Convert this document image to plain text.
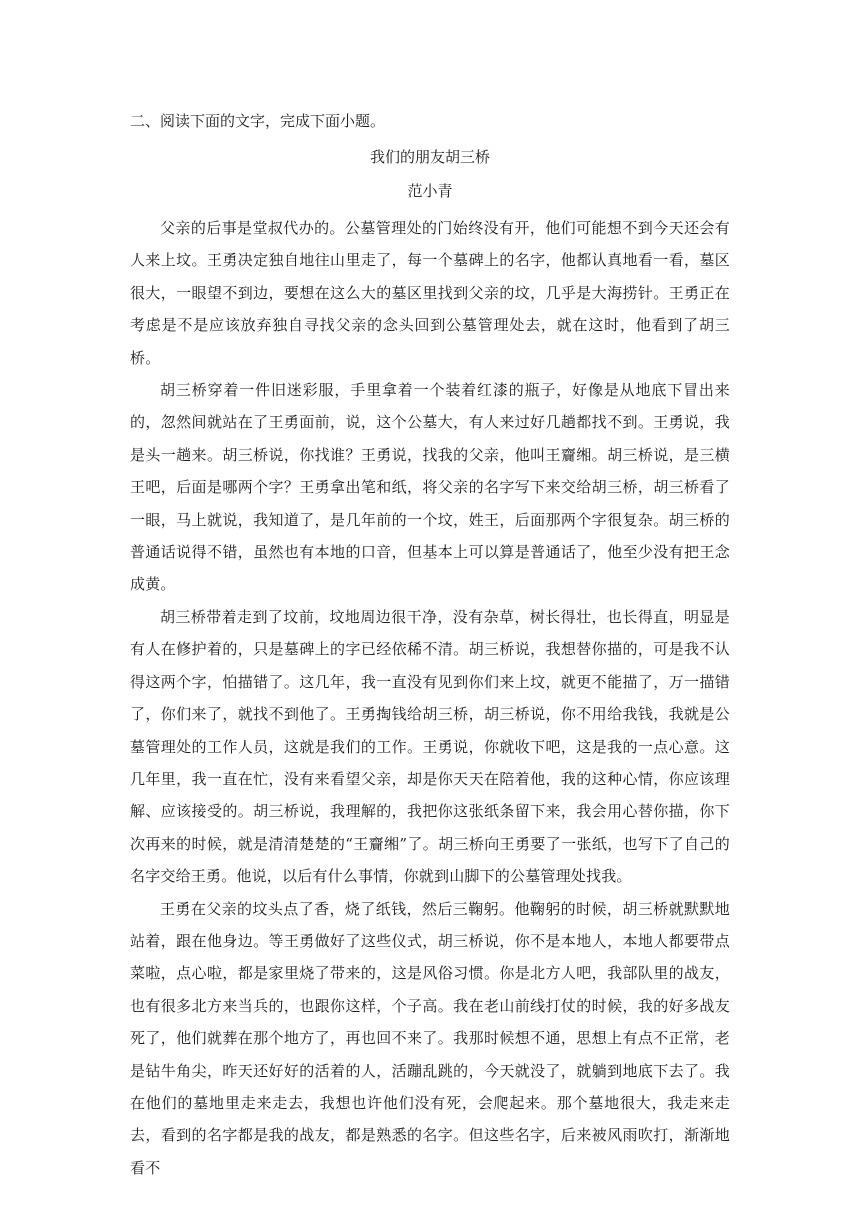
二、阅读下面的文字，完成下面小题。

我们的朋友胡三桥

范小青

父亲的后事是堂叔代办的。公墓管理处的门始终没有开，他们可能想不到今天还会有人来上坟。王勇决定独自地往山里走了，每一个墓碑上的名字，他都认真地看一看，墓区很大，一眼望不到边，要想在这么大的墓区里找到父亲的坟，几乎是大海捞针。王勇正在考虑是不是应该放弃独自寻找父亲的念头回到公墓管理处去，就在这时，他看到了胡三桥。

胡三桥穿着一件旧迷彩服，手里拿着一个装着红漆的瓶子，好像是从地底下冒出来的，忽然间就站在了王勇面前，说，这个公墓大，有人来过好几趟都找不到。王勇说，我是头一趟来。胡三桥说，你找谁？王勇说，找我的父亲，他叫王齎缃。胡三桥说，是三横王吧，后面是哪两个字？王勇拿出笔和纸，将父亲的名字写下来交给胡三桥，胡三桥看了一眼，马上就说，我知道了，是几年前的一个坟，姓王，后面那两个字很复杂。胡三桥的普通话说得不错，虽然也有本地的口音，但基本上可以算是普通话了，他至少没有把王念成黄。

胡三桥带着走到了坟前，坟地周边很干净，没有杂草，树长得壮，也长得直，明显是有人在修护着的，只是墓碑上的字已经依稀不清。胡三桥说，我想替你描的，可是我不认得这两个字，怕描错了。这几年，我一直没有见到你们来上坟，就更不能描了，万一描错了，你们来了，就找不到他了。王勇掏钱给胡三桥，胡三桥说，你不用给我钱，我就是公墓管理处的工作人员，这就是我们的工作。王勇说，你就收下吧，这是我的一点心意。这几年里，我一直在忙，没有来看望父亲，却是你天天在陪着他，我的这种心情，你应该理解、应该接受的。胡三桥说，我理解的，我把你这张纸条留下来，我会用心替你描，你下次再来的时候，就是清清楚楚的“王齎缃”了。胡三桥向王勇要了一张纸，也写下了自己的名字交给王勇。他说，以后有什么事情，你就到山脚下的公墓管理处找我。

王勇在父亲的坟头点了香，烧了纸钱，然后三鞠躬。他鞠躬的时候，胡三桥就默默地站着，跟在他身边。等王勇做好了这些仪式，胡三桥说，你不是本地人，本地人都要带点菜啦，点心啦，都是家里烧了带来的，这是风俗习惯。你是北方人吧，我部队里的战友，也有很多北方来当兵的，也跟你这样，个子高。我在老山前线打仗的时候，我的好多战友死了，他们就葬在那个地方了，再也回不来了。我那时候想不通，思想上有点不正常，老是钻牛角尖，昨天还好好的活着的人，活蹦乱跳的，今天就没了，就躺到地底下去了。我在他们的墓地里走来走去，我想也许他们没有死，会爬起来。那个墓地很大，我走来走去，看到的名字都是我的战友，都是熟悉的名字。但这些名字，后来被风雨吹打，渐渐地看不
